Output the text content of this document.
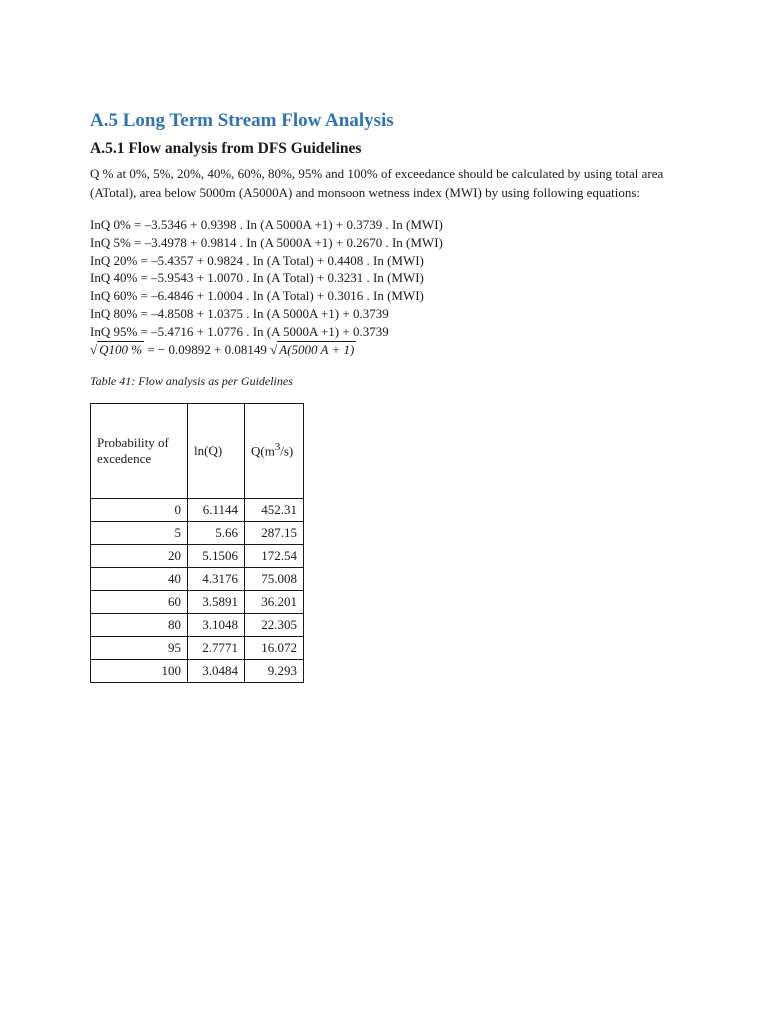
A.5 Long Term Stream Flow Analysis
A.5.1 Flow analysis from DFS Guidelines

Q % at 0%, 5%, 20%, 40%, 60%, 80%, 95% and 100% of exceedance should be calculated by using total area (ATotal), area below 5000m (A5000A) and monsoon wetness index (MWI) by using following equations:

InQ 0% = –3.5346 + 0.9398 . In (A 5000A +1) + 0.3739 . In (MWI)
InQ 5% = –3.4978 + 0.9814 . In (A 5000A +1) + 0.2670 . In (MWI)
InQ 20% = –5.4357 + 0.9824 . In (A Total) + 0.4408 . In (MWI)
InQ 40% = –5.9543 + 1.0070 . In (A Total) + 0.3231 . In (MWI)
InQ 60% = –6.4846 + 1.0004 . In (A Total) + 0.3016 . In (MWI)
InQ 80% = –4.8508 + 1.0375 . In (A 5000A +1) + 0.3739
InQ 95% = –5.4716 + 1.0776 . In (A 5000A +1) + 0.3739
√ Q100 % = − 0.09892 + 0.08149 √ A(5000 A + 1)

Table 41: Flow analysis as per Guidelines

Probability of excedence	ln(Q)	$Q(m^3/s)$
0	6.1144	452.31
5	5.66	287.15
20	5.1506	172.54
40	4.3176	75.008
60	3.5891	36.201
80	3.1048	22.305
95	2.7771	16.072
100	3.0484	9.293
